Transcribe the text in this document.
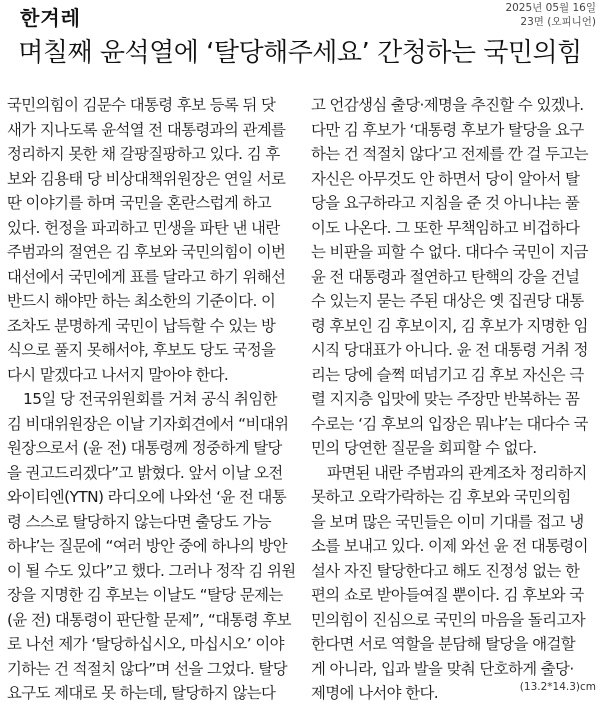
한겨레	2025년 05월 16일
23면 (오피니언)
며칠째 윤석열에 ‘탈당해주세요’ 간청하는 국민의힘
국민의힘이 김문수 대통령 후보 등록 뒤 닷
새가 지나도록 윤석열 전 대통령과의 관계를
정리하지 못한 채 갈팡질팡하고 있다. 김 후
보와 김용태 당 비상대책위원장은 연일 서로
딴 이야기를 하며 국민을 혼란스럽게 하고
있다. 헌정을 파괴하고 민생을 파탄 낸 내란
주범과의 절연은 김 후보와 국민의힘이 이번
대선에서 국민에게 표를 달라고 하기 위해선
반드시 해야만 하는 최소한의 기준이다. 이
조차도 분명하게 국민이 납득할 수 있는 방
식으로 풀지 못해서야, 후보도 당도 국정을
다시 맡겠다고 나서지 말아야 한다.
15일 당 전국위원회를 거쳐 공식 취임한
김 비대위원장은 이날 기자회견에서 “비대위
원장으로서 (윤 전) 대통령께 정중하게 탈당
을 권고드리겠다”고 밝혔다. 앞서 이날 오전
와이티엔(YTN) 라디오에 나와선 ‘윤 전 대통
령 스스로 탈당하지 않는다면 출당도 가능
하냐’는 질문에 “여러 방안 중에 하나의 방안
이 될 수도 있다”고 했다. 그러나 정작 김 위원
장을 지명한 김 후보는 이날도 “탈당 문제는
(윤 전) 대통령이 판단할 문제”, “대통령 후보
로 나선 제가 ‘탈당하십시오, 마십시오’ 이야
기하는 건 적절치 않다”며 선을 그었다. 탈당
요구도 제대로 못 하는데, 탈당하지 않는다
고 언감생심 출당·제명을 추진할 수 있겠나.
다만 김 후보가 ‘대통령 후보가 탈당을 요구
하는 건 적절치 않다’고 전제를 깐 걸 두고는
자신은 아무것도 안 하면서 당이 알아서 탈
당을 요구하라고 지침을 준 것 아니냐는 풀
이도 나온다. 그 또한 무책임하고 비겁하다
는 비판을 피할 수 없다. 대다수 국민이 지금
윤 전 대통령과 절연하고 탄핵의 강을 건널
수 있는지 묻는 주된 대상은 옛 집권당 대통
령 후보인 김 후보이지, 김 후보가 지명한 임
시직 당대표가 아니다. 윤 전 대통령 거취 정
리는 당에 슬쩍 떠넘기고 김 후보 자신은 극
렬 지지층 입맛에 맞는 주장만 반복하는 꼼
수로는 ‘김 후보의 입장은 뭐냐’는 대다수 국
민의 당연한 질문을 회피할 수 없다.
파면된 내란 주범과의 관계조차 정리하지
못하고 오락가락하는 김 후보와 국민의힘
을 보며 많은 국민들은 이미 기대를 접고 냉
소를 보내고 있다. 이제 와선 윤 전 대통령이
설사 자진 탈당한다고 해도 진정성 없는 한
편의 쇼로 받아들여질 뿐이다. 김 후보와 국
민의힘이 진심으로 국민의 마음을 돌리고자
한다면 서로 역할을 분담해 탈당을 애걸할
게 아니라, 입과 발을 맞춰 단호하게 출당·
제명에 나서야 한다.	(13.2*14.3)cm
